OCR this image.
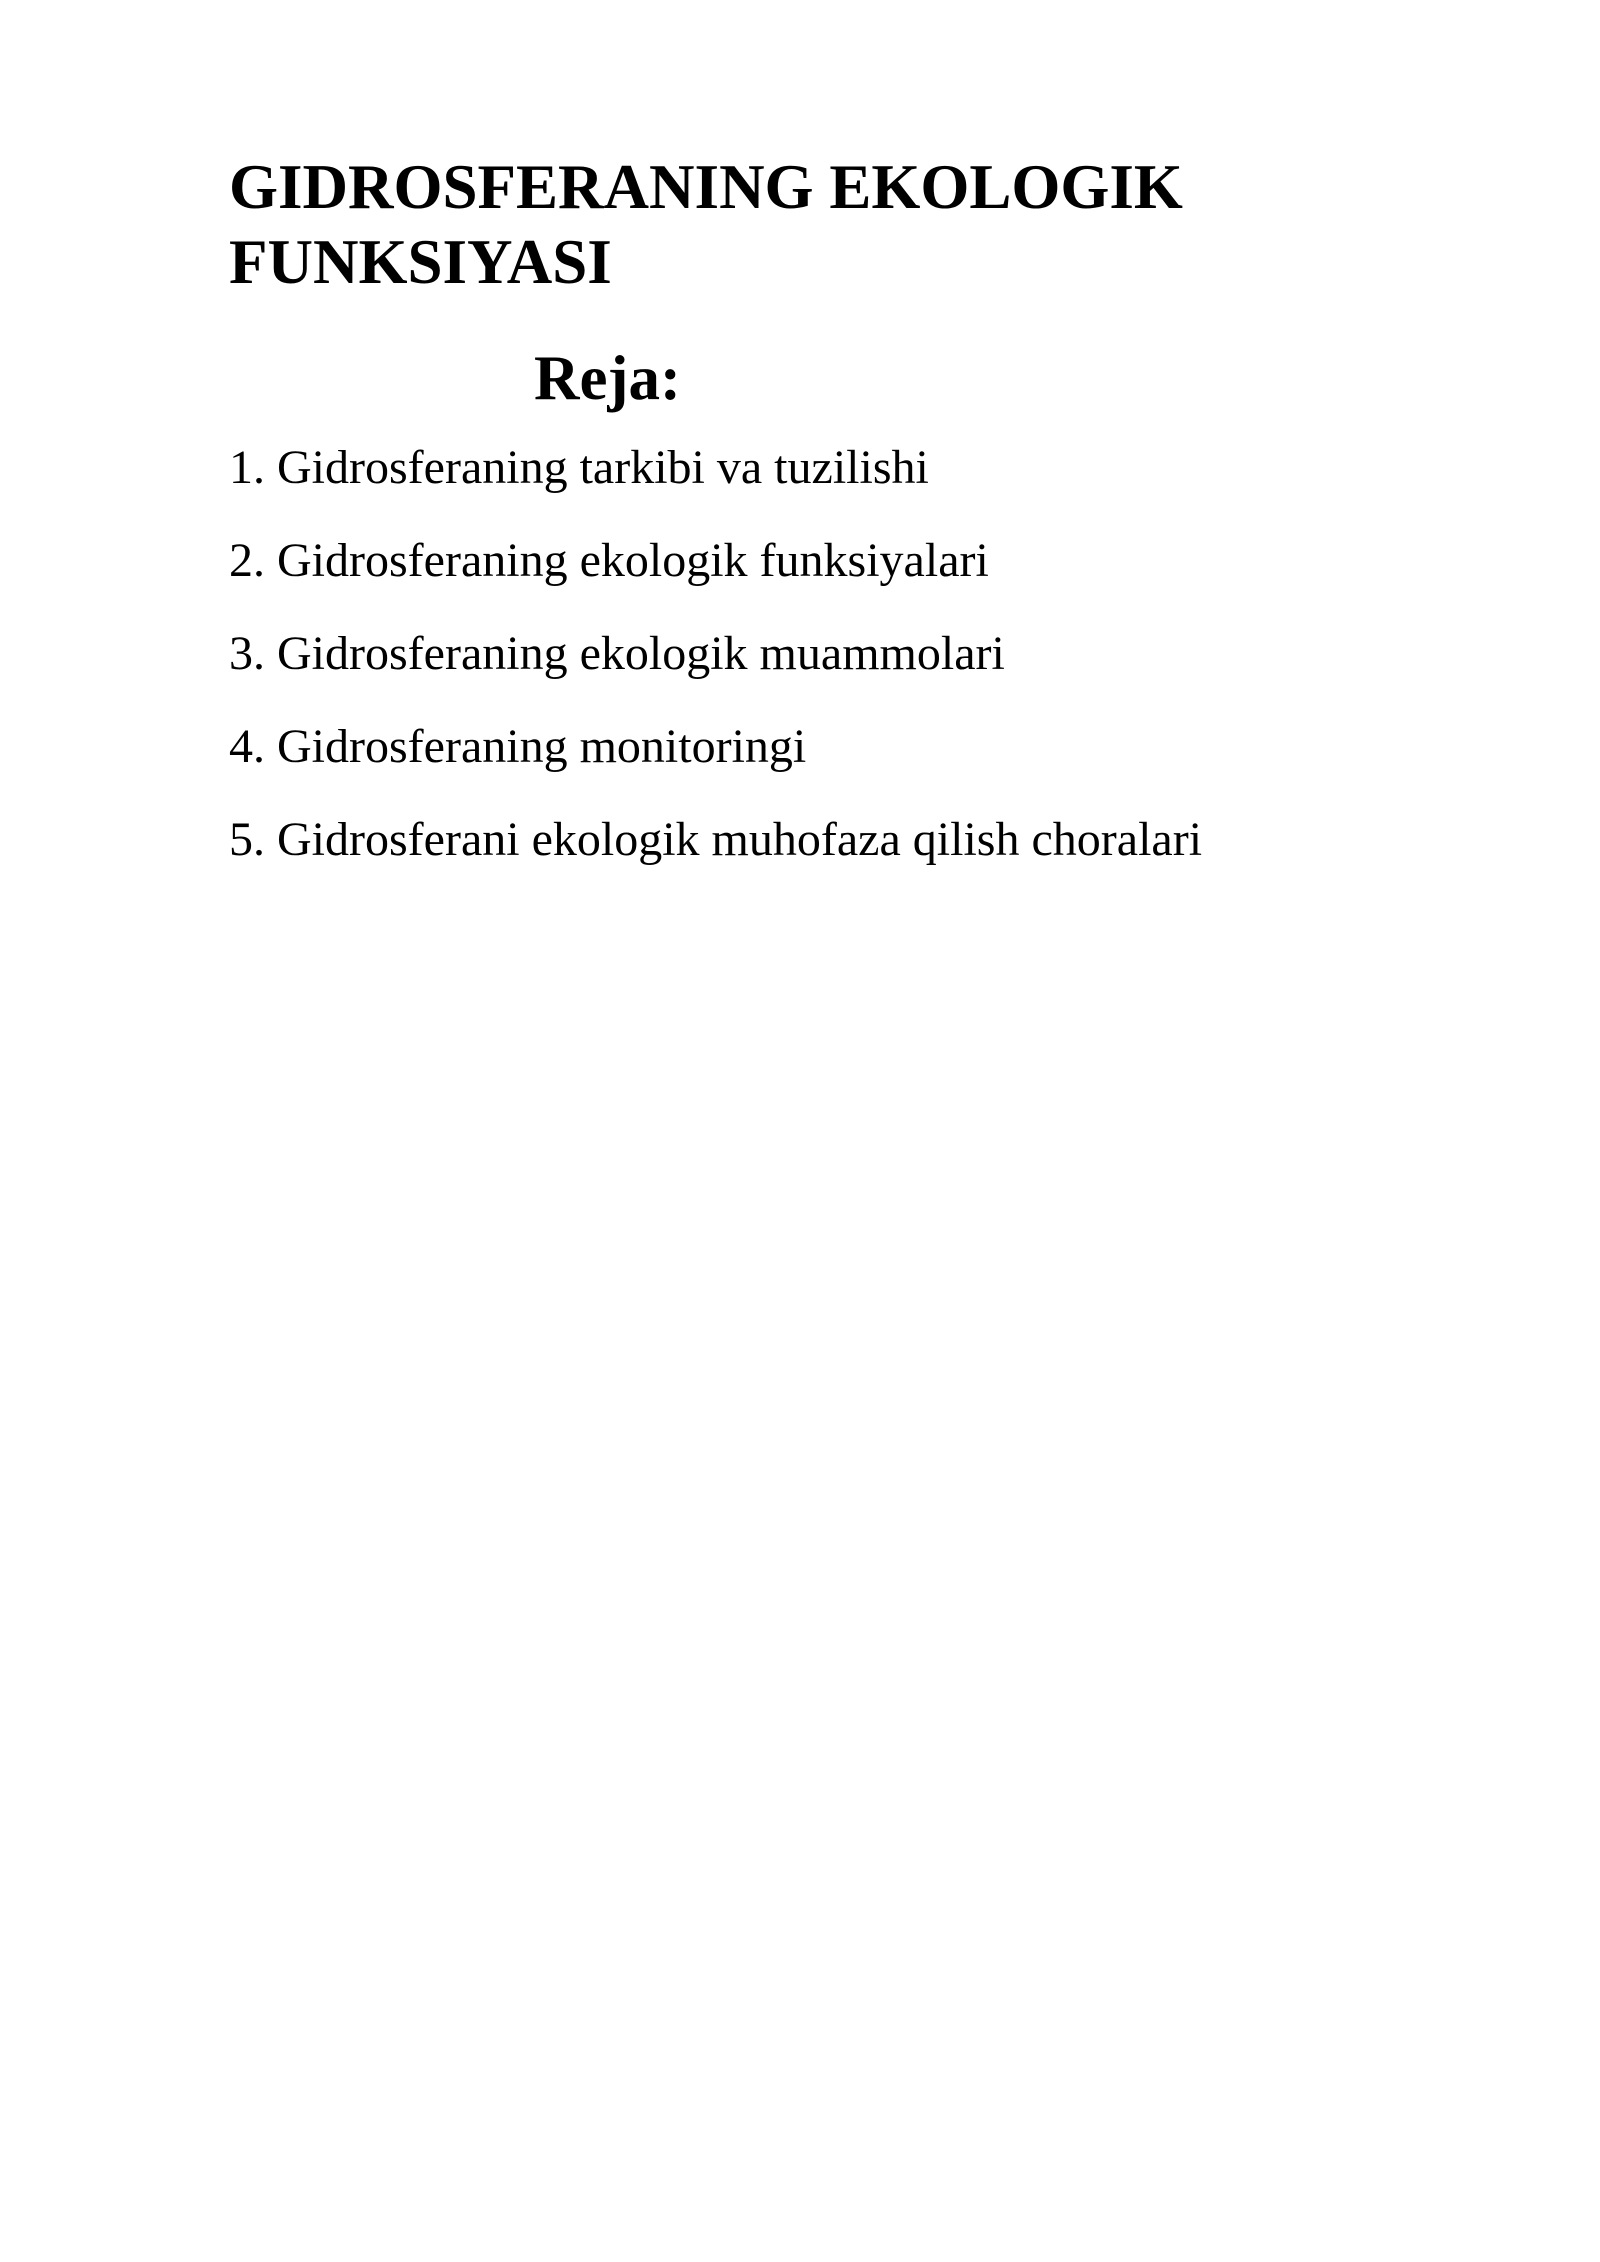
GIDROSFERANING EKOLOGIK
FUNKSIYASI
Reja:
1. Gidrosferaning tarkibi va tuzilishi
2. Gidrosferaning ekologik funksiyalari
3. Gidrosferaning ekologik muammolari
4. Gidrosferaning monitoringi
5. Gidrosferani ekologik muhofaza qilish choralari
